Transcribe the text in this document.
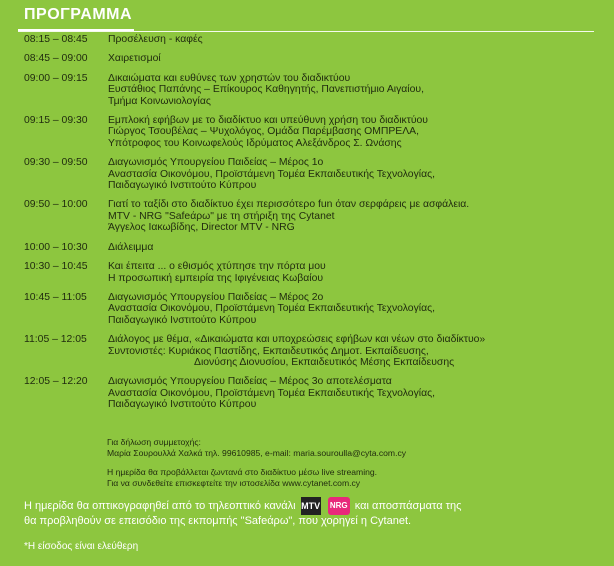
ΠΡΟΓΡΑΜΜΑ
08:15 – 08:45	Προσέλευση - καφές
08:45 – 09:00	Χαιρετισμοί
09:00 – 09:15	Δικαιώματα και ευθύνες των χρηστών του διαδικτύου
Ευστάθιος Παπάνης – Επίκουρος Καθηγητής, Πανεπιστήμιο Αιγαίου,
Τμήμα Κοινωνιολογίας
09:15 – 09:30	Εμπλοκή εφήβων με το διαδίκτυο και υπεύθυνη χρήση του διαδικτύου
Γιώργος Τσουβέλας – Ψυχολόγος, Ομάδα Παρέμβασης ΟΜΠΡΕΛΑ,
Υπότροφος του Κοινωφελούς Ιδρύματος Αλεξάνδρος Σ. Ωνάσης
09:30 – 09:50	Διαγωνισμός Υπουργείου Παιδείας – Μέρος 1ο
Αναστασία Οικονόμου, Προϊστάμενη Τομέα Εκπαιδευτικής Τεχνολογίας,
Παιδαγωγικό Ινστιτούτο Κύπρου
09:50 – 10:00	Γιατί το ταξίδι στο διαδίκτυο έχει περισσότερο fun όταν σερφάρεις με ασφάλεια.
MTV - NRG "Safeάρω" με τη στήριξη της Cytanet
Άγγελος Ιακωβίδης, Director MTV - NRG
10:00 – 10:30	Διάλειμμα
10:30 – 10:45	Και έπειτα ... ο εθισμός χτύπησε την πόρτα μου
Η προσωπική εμπειρία της Ιφιγένειας Κωβαίου
10:45 – 11:05	Διαγωνισμός Υπουργείου Παιδείας – Μέρος 2ο
Αναστασία Οικονόμου, Προϊστάμενη Τομέα Εκπαιδευτικής Τεχνολογίας,
Παιδαγωγικό Ινστιτούτο Κύπρου
11:05 – 12:05	Διάλογος με θέμα, «Δικαιώματα και υποχρεώσεις εφήβων και νέων στο διαδίκτυο»
Συντονιστές: Κυριάκος Παστίδης, Εκπαιδευτικός Δημοτ. Εκπαίδευσης,
Διονύσης Διονυσίου, Εκπαιδευτικός Μέσης Εκπαίδευσης
12:05 – 12:20	Διαγωνισμός Υπουργείου Παιδείας – Μέρος 3ο αποτελέσματα
Αναστασία Οικονόμου, Προϊστάμενη Τομέα Εκπαιδευτικής Τεχνολογίας,
Παιδαγωγικό Ινστιτούτο Κύπρου
Για δήλωση συμμετοχής:
Μαρία Σουρουλλά Χαλκά τηλ. 99610985, e-mail: maria.souroulla@cyta.com.cy
Η ημερίδα θα προβάλλεται ζωντανά στο διαδίκτυο μέσω live streaming.
Για να συνδεθείτε επισκεφτείτε την ιστοσελίδα www.cytanet.com.cy
Η ημερίδα θα οπτικογραφηθεί από το τηλεοπτικό κανάλι MTV NRG και αποσπάσματα της
θα προβληθούν σε επεισόδιο της εκπομπής "Safeάρω", που χορηγεί η Cytanet.
*Η είσοδος είναι ελεύθερη
